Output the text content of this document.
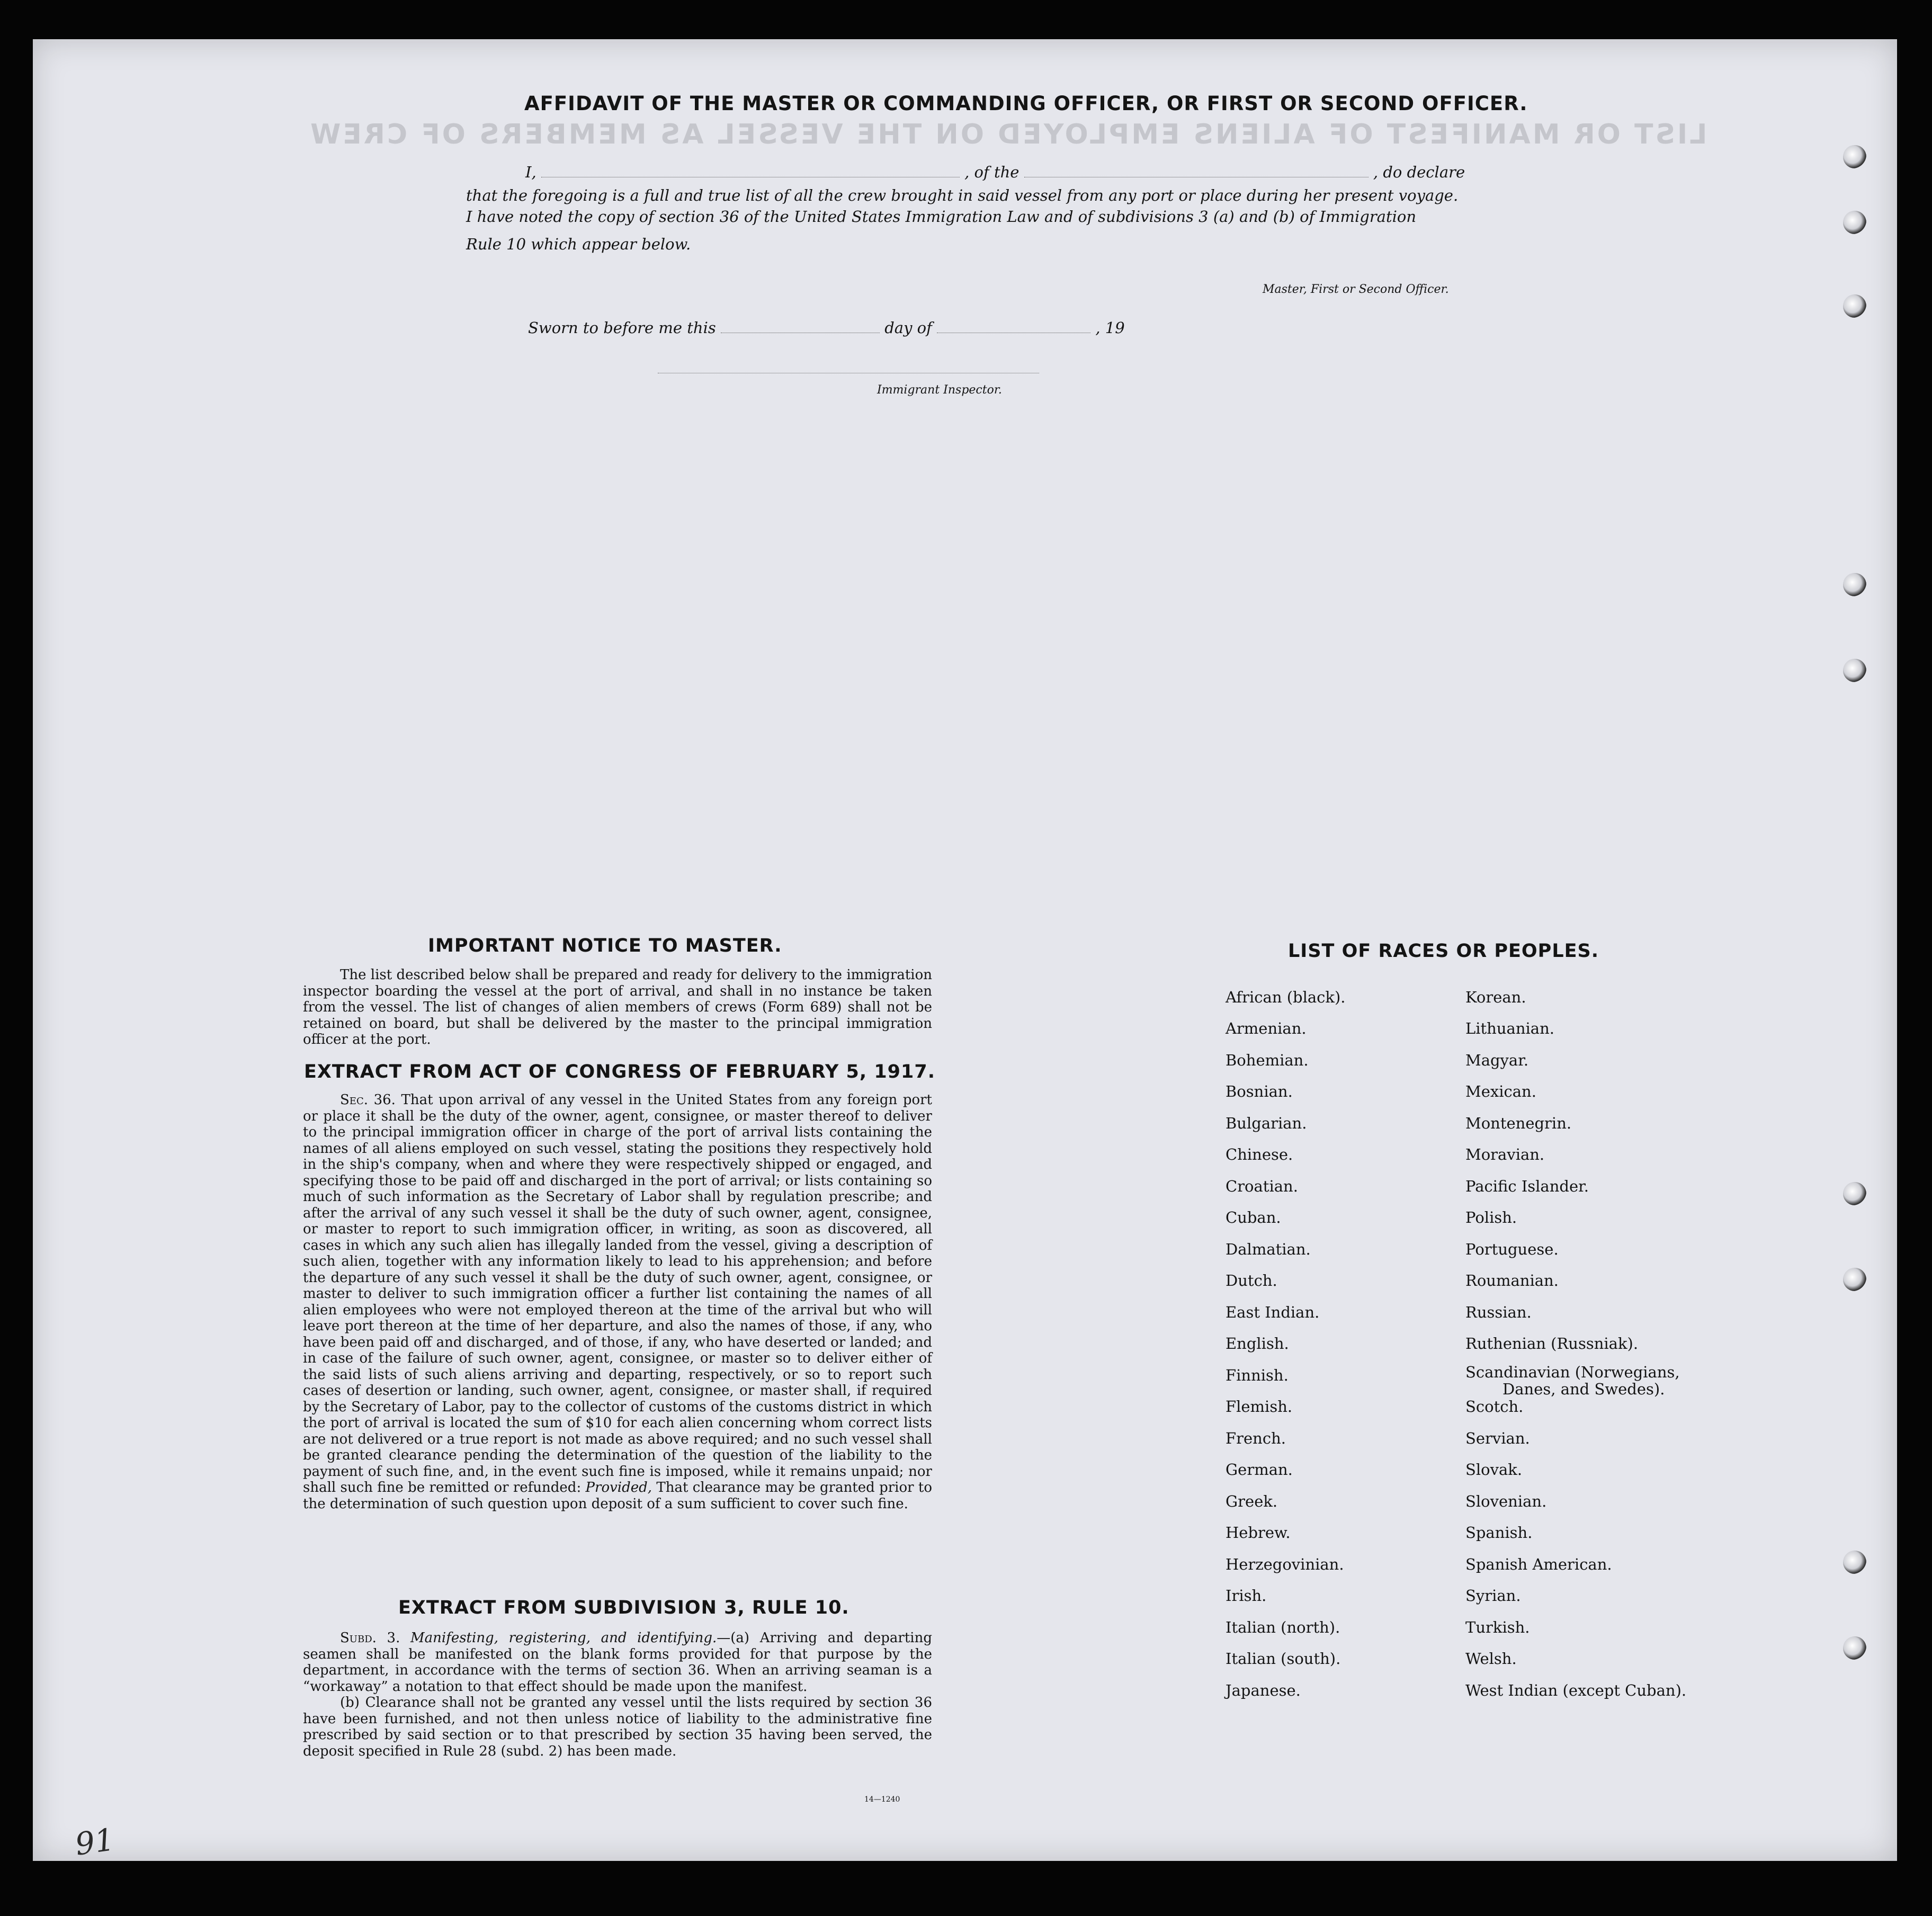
LIST OR MANIFEST OF ALIENS EMPLOYED ON THE VESSEL AS MEMBERS OF CREW
AFFIDAVIT OF THE MASTER OR COMMANDING OFFICER, OR FIRST OR SECOND OFFICER.
I,	, of the	, do declare
that the foregoing is a full and true list of all the crew brought in said vessel from any port or place during her present voyage.
I have noted the copy of section 36 of the United States Immigration Law and of subdivisions 3 (a) and (b) of Immigration
Rule 10 which appear below.
Master, First or Second Officer.
Sworn to before me this	day of	, 19
Immigrant Inspector.
IMPORTANT NOTICE TO MASTER.
The list described below shall be prepared and ready for delivery to the immigration inspector boarding the vessel at the port of arrival, and shall in no instance be taken from the vessel. The list of changes of alien members of crews (Form 689) shall not be retained on board, but shall be delivered by the master to the principal immigration officer at the port.
EXTRACT FROM ACT OF CONGRESS OF FEBRUARY 5, 1917.

Sec. 36. That upon arrival of any vessel in the United States from any foreign port or place it shall be the duty of the owner, agent, consignee, or master thereof to deliver to the principal immigration officer in charge of the port of arrival lists containing the names of all aliens employed on such vessel, stating the positions they respectively hold in the ship's company, when and where they were respectively shipped or engaged, and specifying those to be paid off and discharged in the port of arrival; or lists containing so much of such information as the Secretary of Labor shall by regulation prescribe; and after the arrival of any such vessel it shall be the duty of such owner, agent, consignee, or master to report to such immigration officer, in writing, as soon as discovered, all cases in which any such alien has illegally landed from the vessel, giving a description of such alien, together with any information likely to lead to his apprehension; and before the departure of any such vessel it shall be the duty of such owner, agent, consignee, or master to deliver to such immigration officer a further list containing the names of all alien employees who were not employed thereon at the time of the arrival but who will leave port thereon at the time of her departure, and also the names of those, if any, who have been paid off and discharged, and of those, if any, who have deserted or landed; and in case of the failure of such owner, agent, consignee, or master so to deliver either of the said lists of such aliens arriving and departing, respectively, or so to report such cases of desertion or landing, such owner, agent, consignee, or master shall, if required by the Secretary of Labor, pay to the collector of customs of the customs district in which the port of arrival is located the sum of $10 for each alien concerning whom correct lists are not delivered or a true report is not made as above required; and no such vessel shall be granted clearance pending the determination of the question of the liability to the payment of such fine, and, in the event such fine is imposed, while it remains unpaid; nor shall such fine be remitted or refunded: Provided, That clearance may be granted prior to the determination of such question upon deposit of a sum sufficient to cover such fine.

EXTRACT FROM SUBDIVISION 3, RULE 10.

Subd. 3. Manifesting, registering, and identifying.—(a) Arriving and departing seamen shall be manifested on the blank forms provided for that purpose by the department, in accordance with the terms of section 36. When an arriving seaman is a “workaway” a notation to that effect should be made upon the manifest.

(b) Clearance shall not be granted any vessel until the lists required by section 36 have been furnished, and not then unless notice of liability to the administrative fine prescribed by said section or to that prescribed by section 35 having been served, the deposit specified in Rule 28 (subd. 2) has been made.

14—1240
LIST OF RACES OR PEOPLES.
African (black).
Armenian.
Bohemian.
Bosnian.
Bulgarian.
Chinese.
Croatian.
Cuban.
Dalmatian.
Dutch.
East Indian.
English.
Finnish.
Flemish.
French.
German.
Greek.
Hebrew.
Herzegovinian.
Irish.
Italian (north).
Italian (south).
Japanese.
Korean.
Lithuanian.
Magyar.
Mexican.
Montenegrin.
Moravian.
Pacific Islander.
Polish.
Portuguese.
Roumanian.
Russian.
Ruthenian (Russniak).
Scandinavian (Norwegians,
Danes, and Swedes).
Scotch.
Servian.
Slovak.
Slovenian.
Spanish.
Spanish American.
Syrian.
Turkish.
Welsh.
West Indian (except Cuban).
91
